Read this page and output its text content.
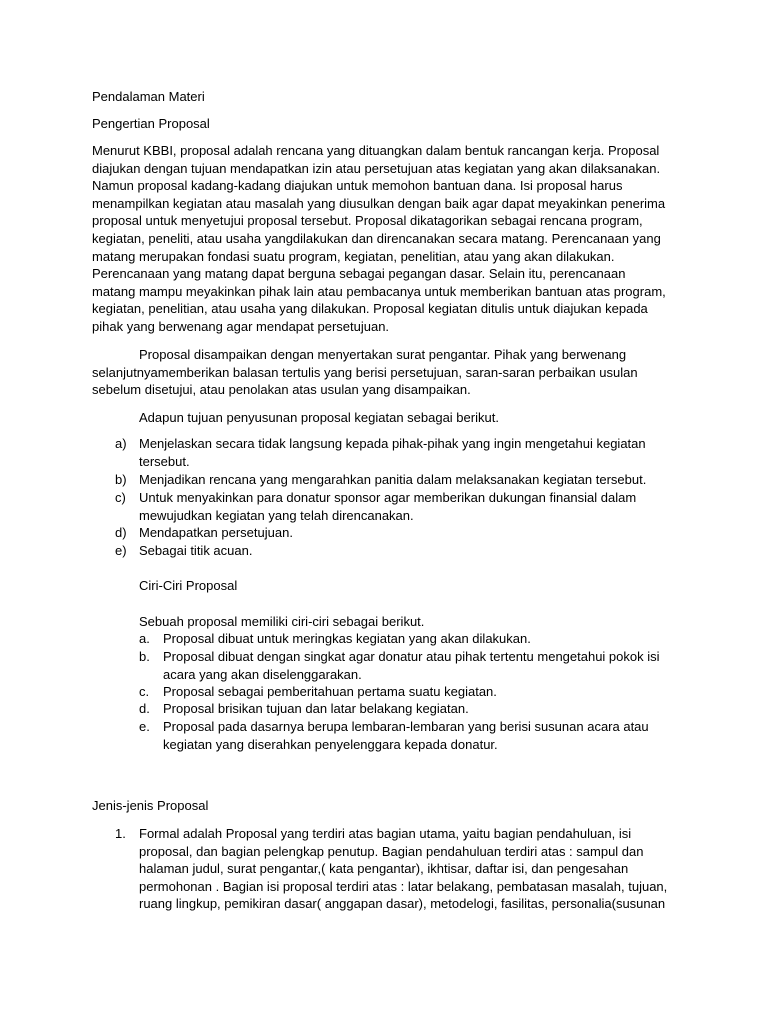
Pendalaman Materi
Pengertian Proposal
Menurut KBBI, proposal adalah rencana yang dituangkan dalam bentuk rancangan kerja. Proposal diajukan dengan tujuan mendapatkan izin atau persetujuan atas kegiatan yang akan dilaksanakan. Namun proposal kadang-kadang diajukan untuk memohon bantuan dana. Isi proposal harus menampilkan kegiatan atau masalah yang diusulkan dengan baik agar dapat meyakinkan penerima proposal untuk menyetujui proposal tersebut. Proposal dikatagorikan sebagai rencana program, kegiatan, peneliti, atau usaha yangdilakukan dan direncanakan secara matang. Perencanaan yang matang merupakan fondasi suatu program, kegiatan, penelitian, atau yang akan dilakukan. Perencanaan yang matang dapat berguna sebagai pegangan dasar. Selain itu, perencanaan matang mampu meyakinkan pihak lain atau pembacanya untuk memberikan bantuan atas program, kegiatan, penelitian, atau usaha yang dilakukan. Proposal kegiatan ditulis untuk diajukan kepada pihak yang berwenang agar mendapat persetujuan.
Proposal disampaikan dengan menyertakan surat pengantar. Pihak yang berwenang selanjutnyamemberikan balasan tertulis yang berisi persetujuan, saran-saran perbaikan usulan sebelum disetujui, atau penolakan atas usulan yang disampaikan.
Adapun tujuan penyusunan proposal kegiatan sebagai berikut.
a) Menjelaskan secara tidak langsung kepada pihak-pihak yang ingin mengetahui kegiatan tersebut.
b) Menjadikan rencana yang mengarahkan panitia dalam melaksanakan kegiatan tersebut.
c) Untuk menyakinkan para donatur sponsor agar memberikan dukungan finansial dalam mewujudkan kegiatan yang telah direncanakan.
d) Mendapatkan persetujuan.
e) Sebagai titik acuan.
Ciri-Ciri Proposal
Sebuah proposal memiliki ciri-ciri sebagai berikut.
a. Proposal dibuat untuk meringkas kegiatan yang akan dilakukan.
b. Proposal dibuat dengan singkat agar donatur atau pihak tertentu mengetahui pokok isi acara yang akan diselenggarakan.
c. Proposal sebagai pemberitahuan pertama suatu kegiatan.
d. Proposal brisikan tujuan dan latar belakang kegiatan.
e. Proposal pada dasarnya berupa lembaran-lembaran yang berisi susunan acara atau kegiatan yang diserahkan penyelenggara kepada donatur.
Jenis-jenis Proposal
1. Formal adalah Proposal yang terdiri atas bagian utama, yaitu bagian pendahuluan, isi proposal, dan bagian pelengkap penutup. Bagian pendahuluan terdiri atas : sampul dan halaman judul, surat pengantar,( kata pengantar), ikhtisar, daftar isi, dan pengesahan permohonan . Bagian isi proposal terdiri atas : latar belakang, pembatasan masalah, tujuan, ruang lingkup, pemikiran dasar( anggapan dasar), metodelogi, fasilitas, personalia(susunan
